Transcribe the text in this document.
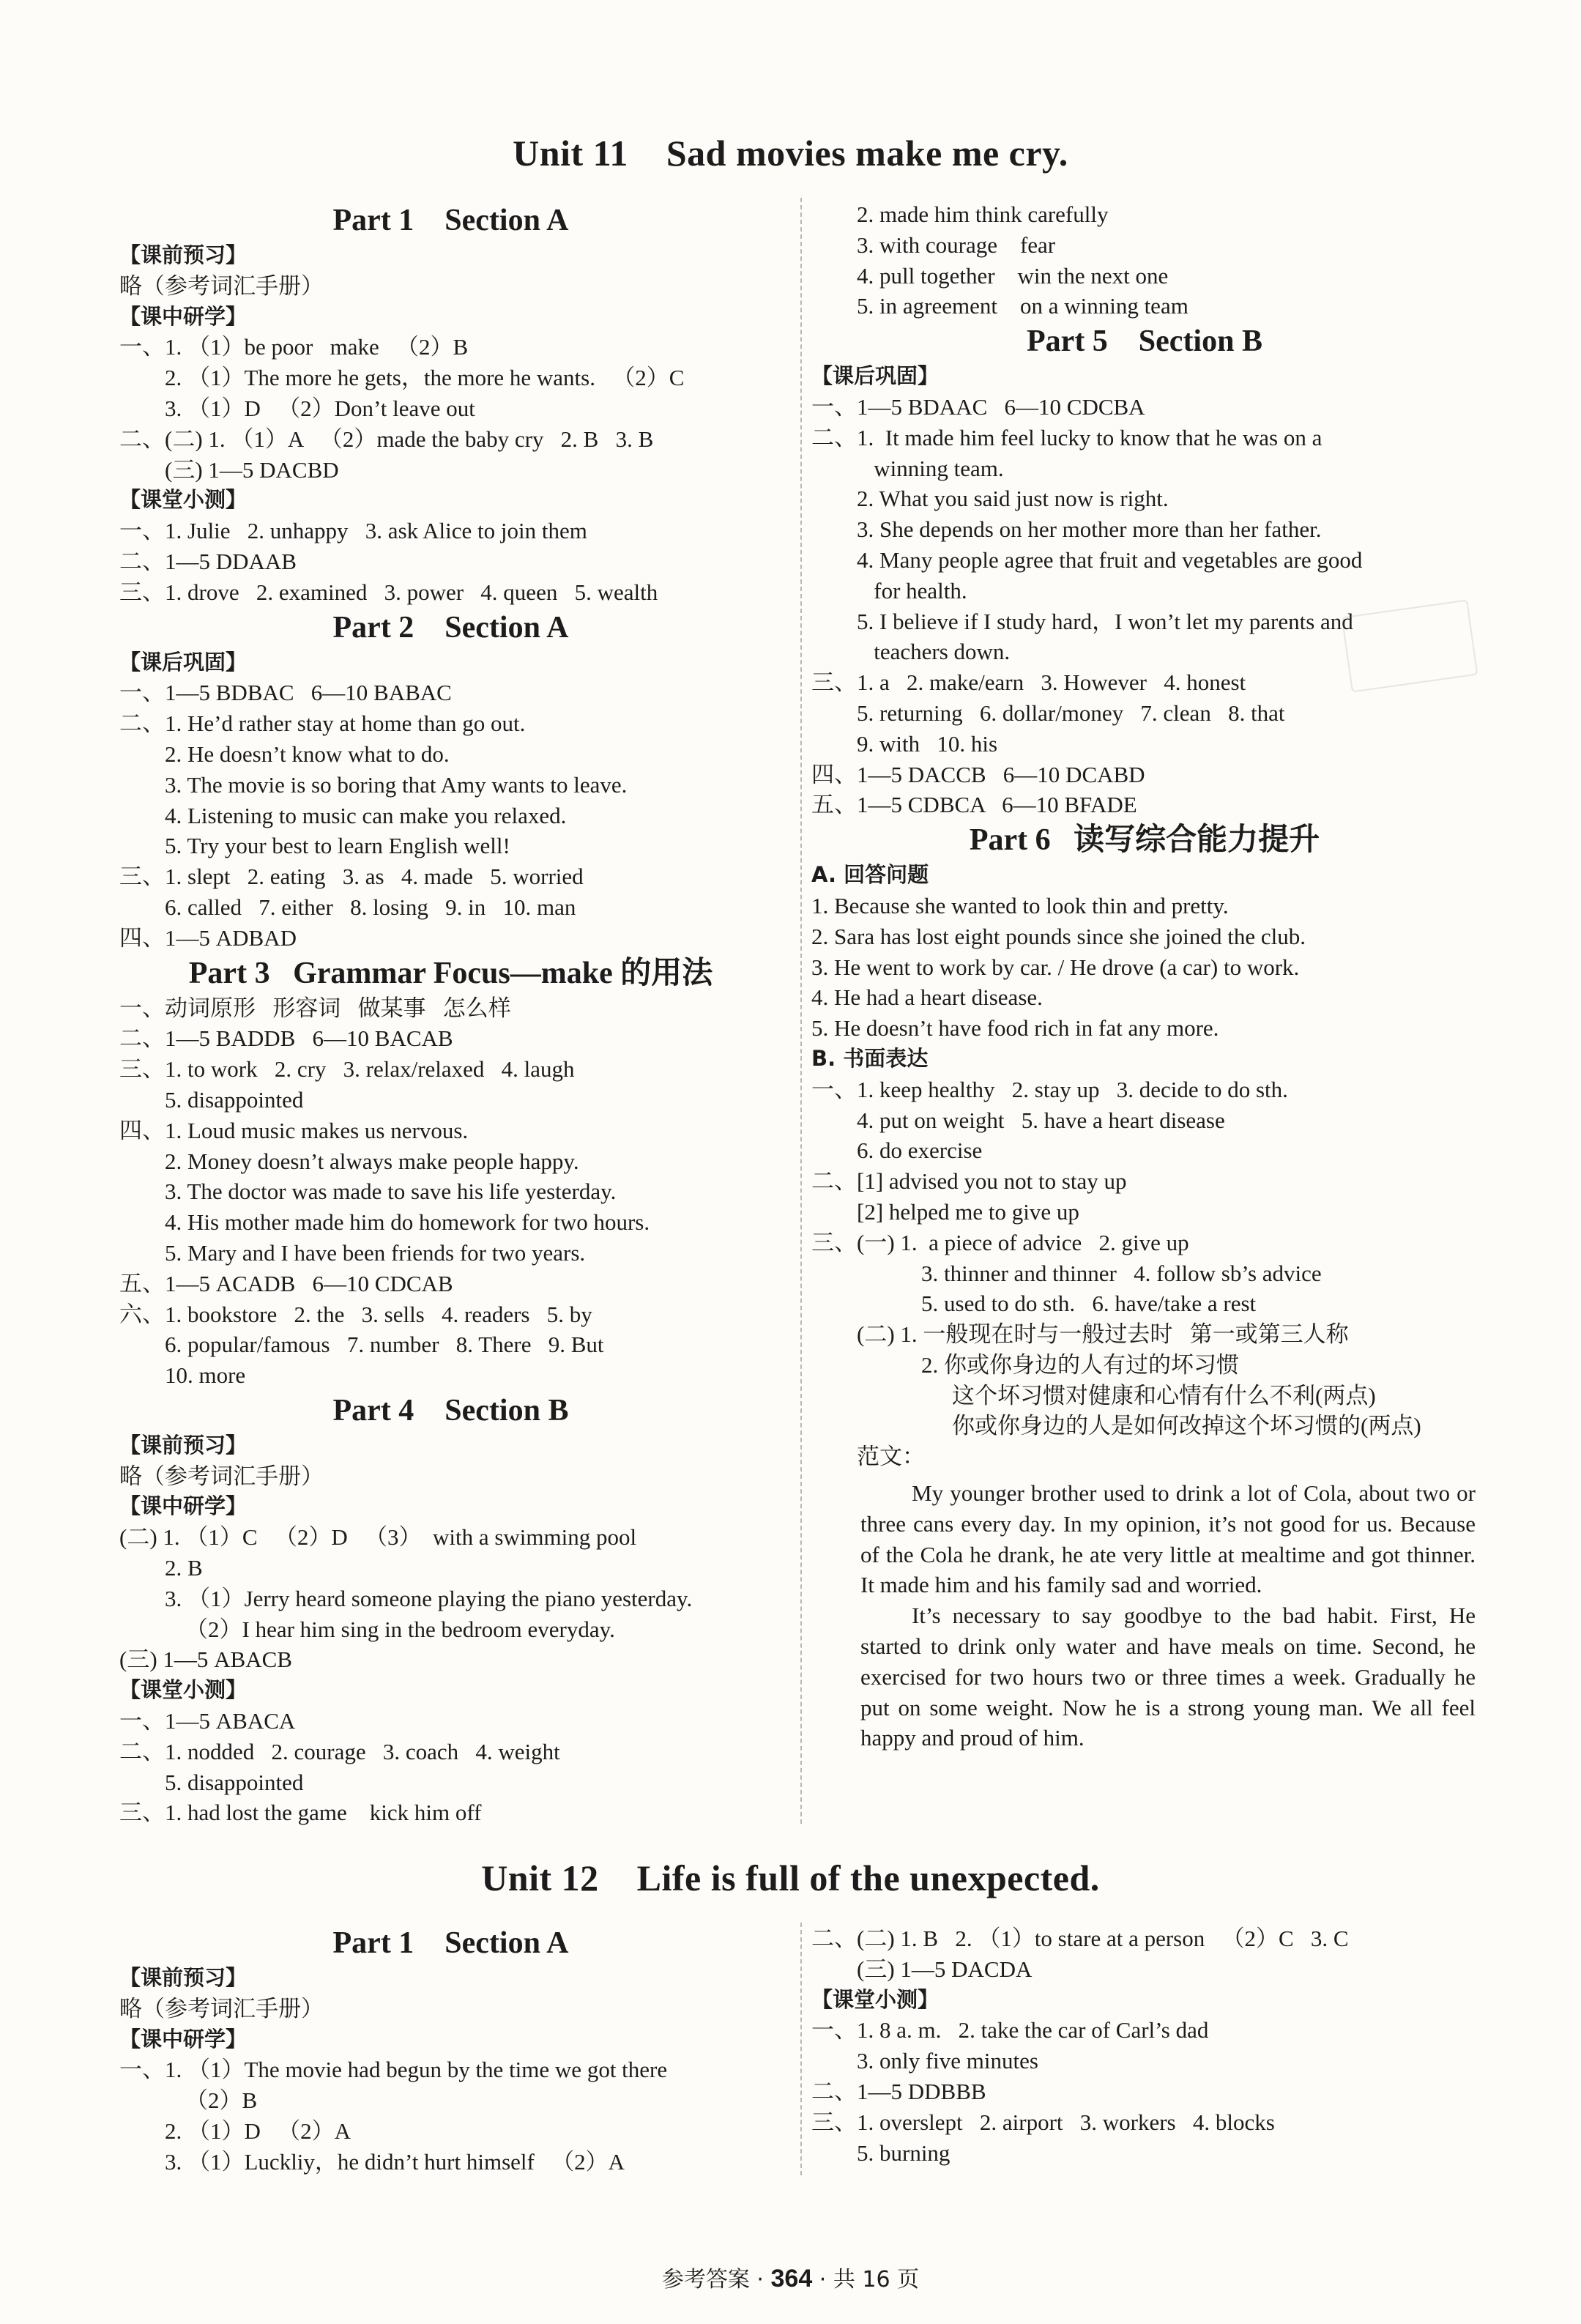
Unit 11    Sad movies make me cry.
Part 1    Section A
【课前预习】
略（参考词汇手册）
【课中研学】
一、1. （1）be poor   make   （2）B
2. （1）The more he gets，the more he wants.   （2）C
3. （1）D   （2）Don’t leave out
二、(二) 1. （1）A   （2）made the baby cry   2. B   3. B
(三) 1—5 DACBD
【课堂小测】
一、1. Julie   2. unhappy   3. ask Alice to join them
二、1—5 DDAAB
三、1. drove   2. examined   3. power   4. queen   5. wealth
Part 2    Section A
【课后巩固】
一、1—5 BDBAC   6—10 BABAC
二、1. He’d rather stay at home than go out.
2. He doesn’t know what to do.
3. The movie is so boring that Amy wants to leave.
4. Listening to music can make you relaxed.
5. Try your best to learn English well!
三、1. slept   2. eating   3. as   4. made   5. worried
6. called   7. either   8. losing   9. in   10. man
四、1—5 ADBAD
Part 3   Grammar Focus—make 的用法
一、动词原形   形容词   做某事   怎么样
二、1—5 BADDB   6—10 BACAB
三、1. to work   2. cry   3. relax/relaxed   4. laugh
5. disappointed
四、1. Loud music makes us nervous.
2. Money doesn’t always make people happy.
3. The doctor was made to save his life yesterday.
4. His mother made him do homework for two hours.
5. Mary and I have been friends for two years.
五、1—5 ACADB   6—10 CDCAB
六、1. bookstore   2. the   3. sells   4. readers   5. by
6. popular/famous   7. number   8. There   9. But
10. more
Part 4    Section B
【课前预习】
略（参考词汇手册）
【课中研学】
(二) 1. （1）C   （2）D   （3）  with a swimming pool
2. B
3. （1）Jerry heard someone playing the piano yesterday.
（2）I hear him sing in the bedroom everyday.
(三) 1—5 ABACB
【课堂小测】
一、1—5 ABACA
二、1. nodded   2. courage   3. coach   4. weight
5. disappointed
三、1. had lost the game    kick him off
2. made him think carefully
3. with courage    fear
4. pull together    win the next one
5. in agreement    on a winning team
Part 5    Section B
【课后巩固】
一、1—5 BDAAC   6—10 CDCBA
二、1.  It made him feel lucky to know that he was on a
winning team.
2. What you said just now is right.
3. She depends on her mother more than her father.
4. Many people agree that fruit and vegetables are good
for health.
5. I believe if I study hard，I won’t let my parents and
teachers down.
三、1. a   2. make/earn   3. However   4. honest
5. returning   6. dollar/money   7. clean   8. that
9. with   10. his
四、1—5 DACCB   6—10 DCABD
五、1—5 CDBCA   6—10 BFADE
Part 6   读写综合能力提升
A. 回答问题
1. Because she wanted to look thin and pretty.
2. Sara has lost eight pounds since she joined the club.
3. He went to work by car. / He drove (a car) to work.
4. He had a heart disease.
5. He doesn’t have food rich in fat any more.
B. 书面表达
一、1. keep healthy   2. stay up   3. decide to do sth.
4. put on weight   5. have a heart disease
6. do exercise
二、[1] advised you not to stay up
[2] helped me to give up
三、(一) 1.  a piece of advice   2. give up
3. thinner and thinner   4. follow sb’s advice
5. used to do sth.   6. have/take a rest
(二) 1. 一般现在时与一般过去时   第一或第三人称
2. 你或你身边的人有过的坏习惯
这个坏习惯对健康和心情有什么不利(两点)
你或你身边的人是如何改掉这个坏习惯的(两点)
范文：
My younger brother used to drink a lot of Cola, about two or three cans every day. In my opinion, it’s not good for us. Because of the Cola he drank, he ate very little at mealtime and got thinner. It made him and his family sad and worried.
It’s necessary to say goodbye to the bad habit. First, He started to drink only water and have meals on time. Second, he exercised for two hours two or three times a week. Gradually he put on some weight. Now he is a strong young man. We all feel happy and proud of him.
Unit 12    Life is full of the unexpected.
Part 1    Section A
【课前预习】
略（参考词汇手册）
【课中研学】
一、1. （1）The movie had begun by the time we got there
（2）B
2. （1）D   （2）A
3. （1）Luckliy，he didn’t hurt himself   （2）A
二、(二) 1. B   2. （1）to stare at a person   （2）C   3. C
(三) 1—5 DACDA
【课堂小测】
一、1. 8 a. m.   2. take the car of Carl’s dad
3. only five minutes
二、1—5 DDBBB
三、1. overslept   2. airport   3. workers   4. blocks
5. burning
参考答案 · 364 · 共 16 页
